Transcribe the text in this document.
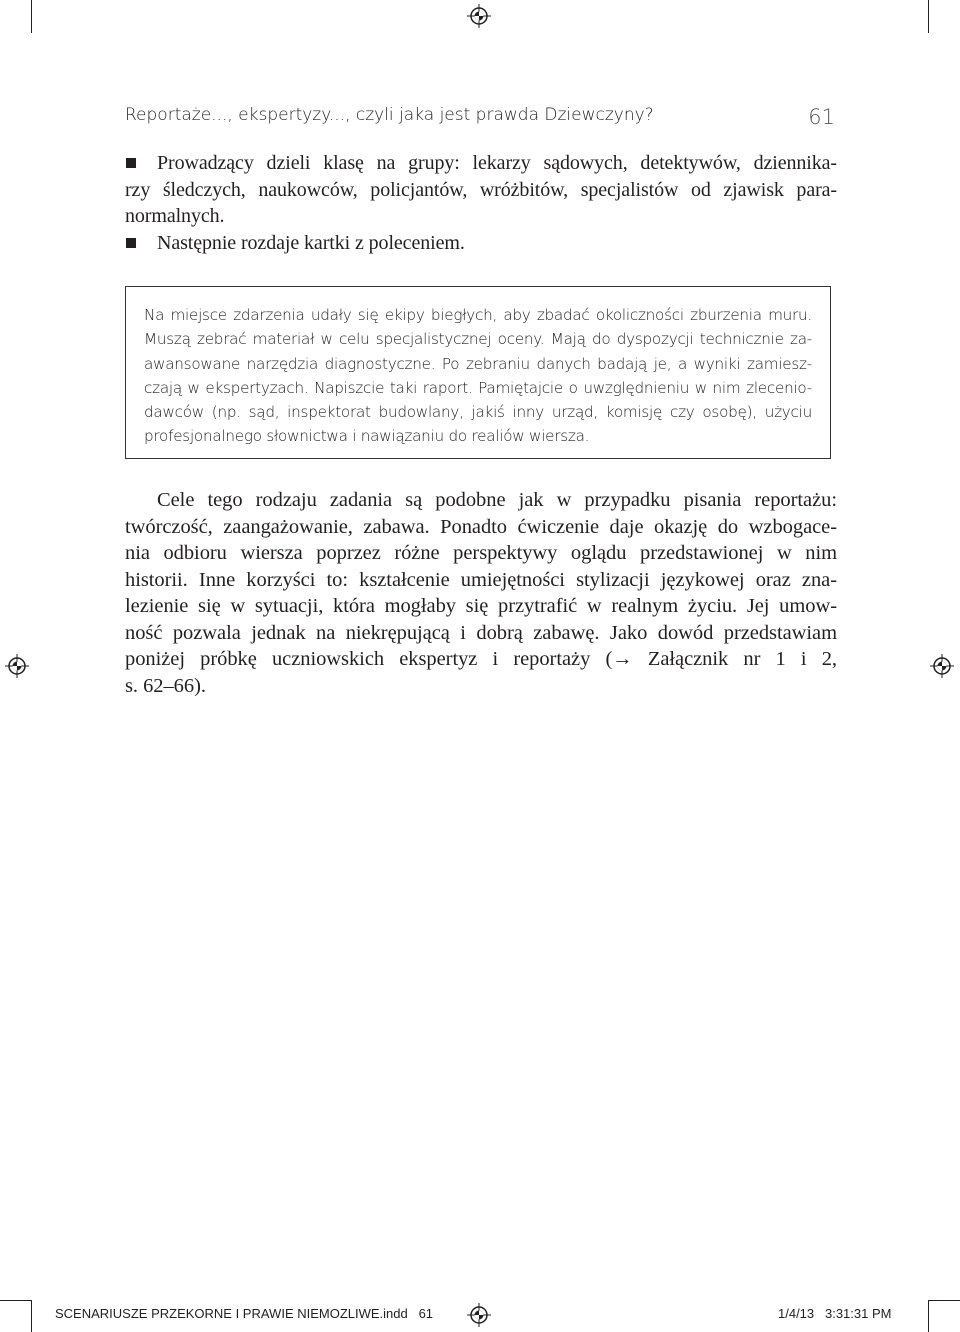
Reportaże..., ekspertyzy..., czyli jaka jest prawda Dziewczyny?	61
Prowadzący dzieli klasę na grupy: lekarzy sądowych, detektywów, dziennika-
rzy śledczych, naukowców, policjantów, wróżbitów, specjalistów od zjawisk para-
normalnych.
Następnie rozdaje kartki z poleceniem.
Na miejsce zdarzenia udały się ekipy biegłych, aby zbadać okoliczności zburzenia muru.
Muszą zebrać materiał w celu specjalistycznej oceny. Mają do dyspozycji technicznie za-
awansowane narzędzia diagnostyczne. Po zebraniu danych badają je, a wyniki zamiesz-
czają w ekspertyzach. Napiszcie taki raport. Pamiętajcie o uwzględnieniu w nim zlecenio-
dawców (np. sąd, inspektorat budowlany, jakiś inny urząd, komisję czy osobę), użyciu
profesjonalnego słownictwa i nawiązaniu do realiów wiersza.
Cele tego rodzaju zadania są podobne jak w przypadku pisania reportażu:
twórczość, zaangażowanie, zabawa. Ponadto ćwiczenie daje okazję do wzbogace-
nia odbioru wiersza poprzez różne perspektywy oglądu przedstawionej w nim
historii. Inne korzyści to: kształcenie umiejętności stylizacji językowej oraz zna-
lezienie się w sytuacji, która mogłaby się przytrafić w realnym życiu. Jej umow-
ność pozwala jednak na niekrępującą i dobrą zabawę. Jako dowód przedstawiam
poniżej próbkę uczniowskich ekspertyz i reportaży (→ Załącznik nr 1 i 2,
s. 62–66).
SCENARIUSZE PRZEKORNE I PRAWIE NIEMOZLIWE.indd   61	1/4/13   3:31:31 PM
